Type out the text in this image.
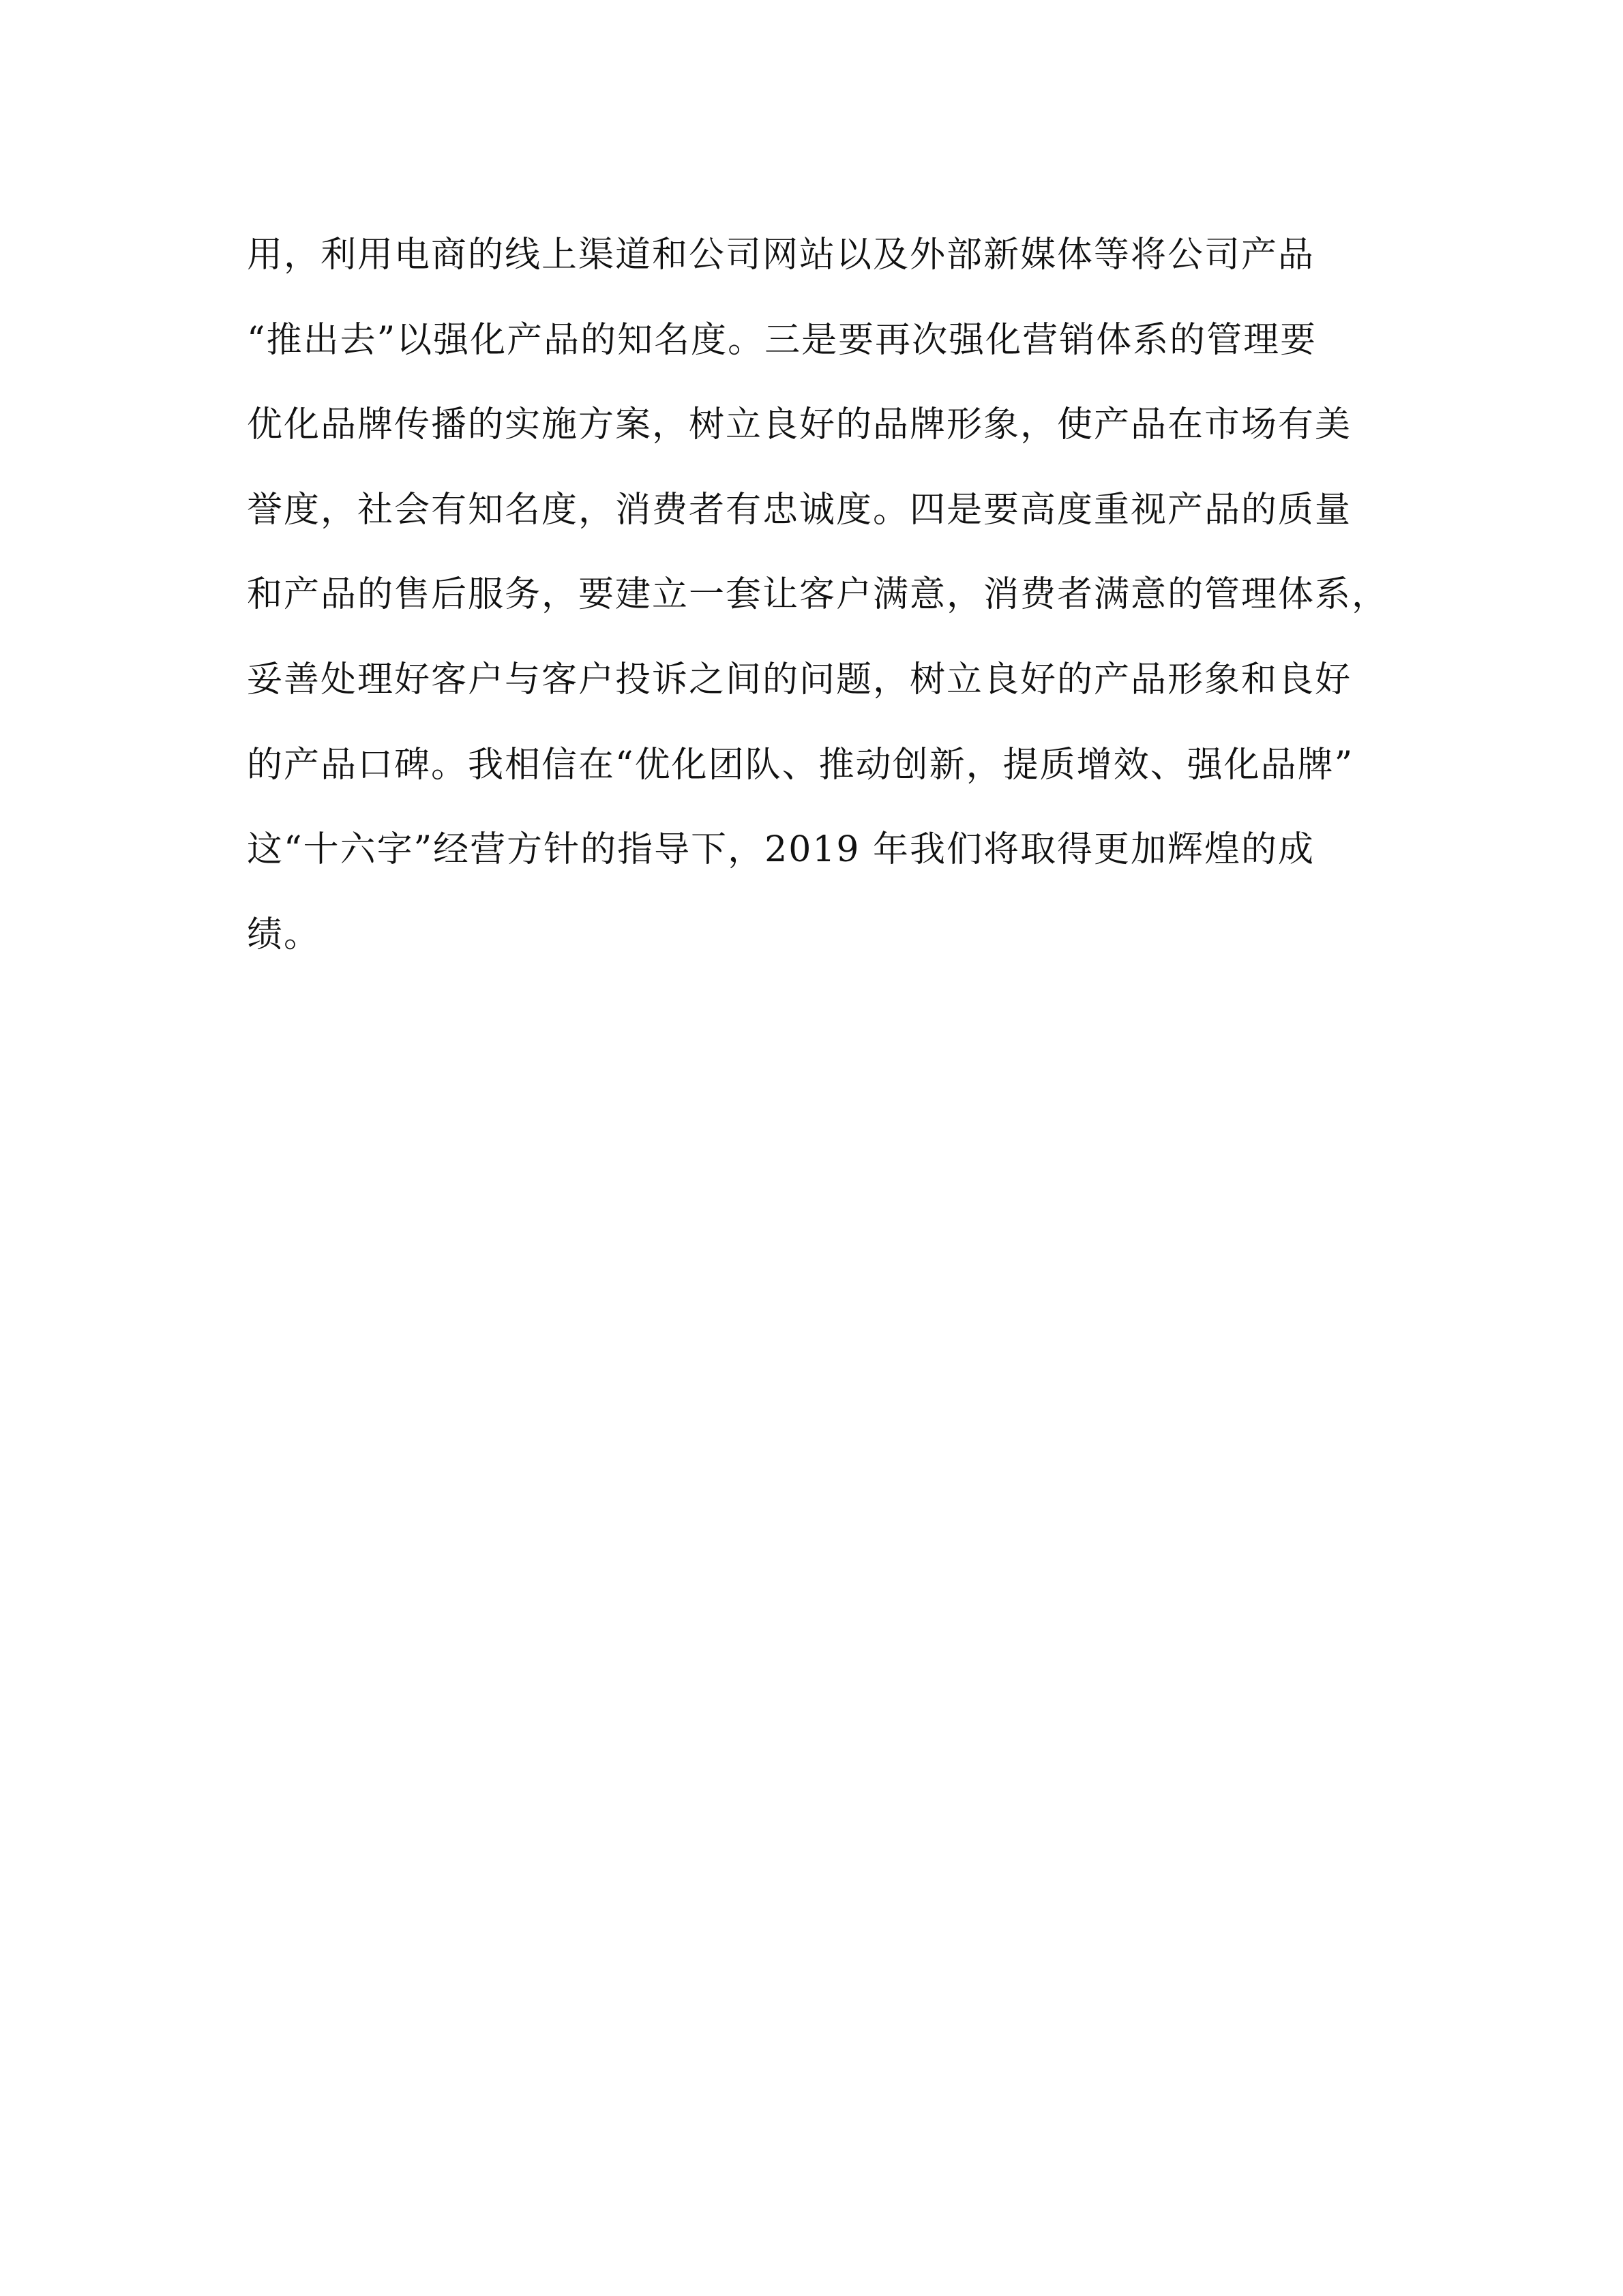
用，利用电商的线上渠道和公司网站以及外部新媒体等将公司产品
“推出去”以强化产品的知名度。三是要再次强化营销体系的管理要
优化品牌传播的实施方案，树立良好的品牌形象，使产品在市场有美
誉度，社会有知名度，消费者有忠诚度。四是要高度重视产品的质量
和产品的售后服务，要建立一套让客户满意，消费者满意的管理体系，
妥善处理好客户与客户投诉之间的问题，树立良好的产品形象和良好
的产品口碑。我相信在“优化团队、推动创新，提质增效、强化品牌”
这“十六字”经营方针的指导下，2019 年我们将取得更加辉煌的成
绩。
